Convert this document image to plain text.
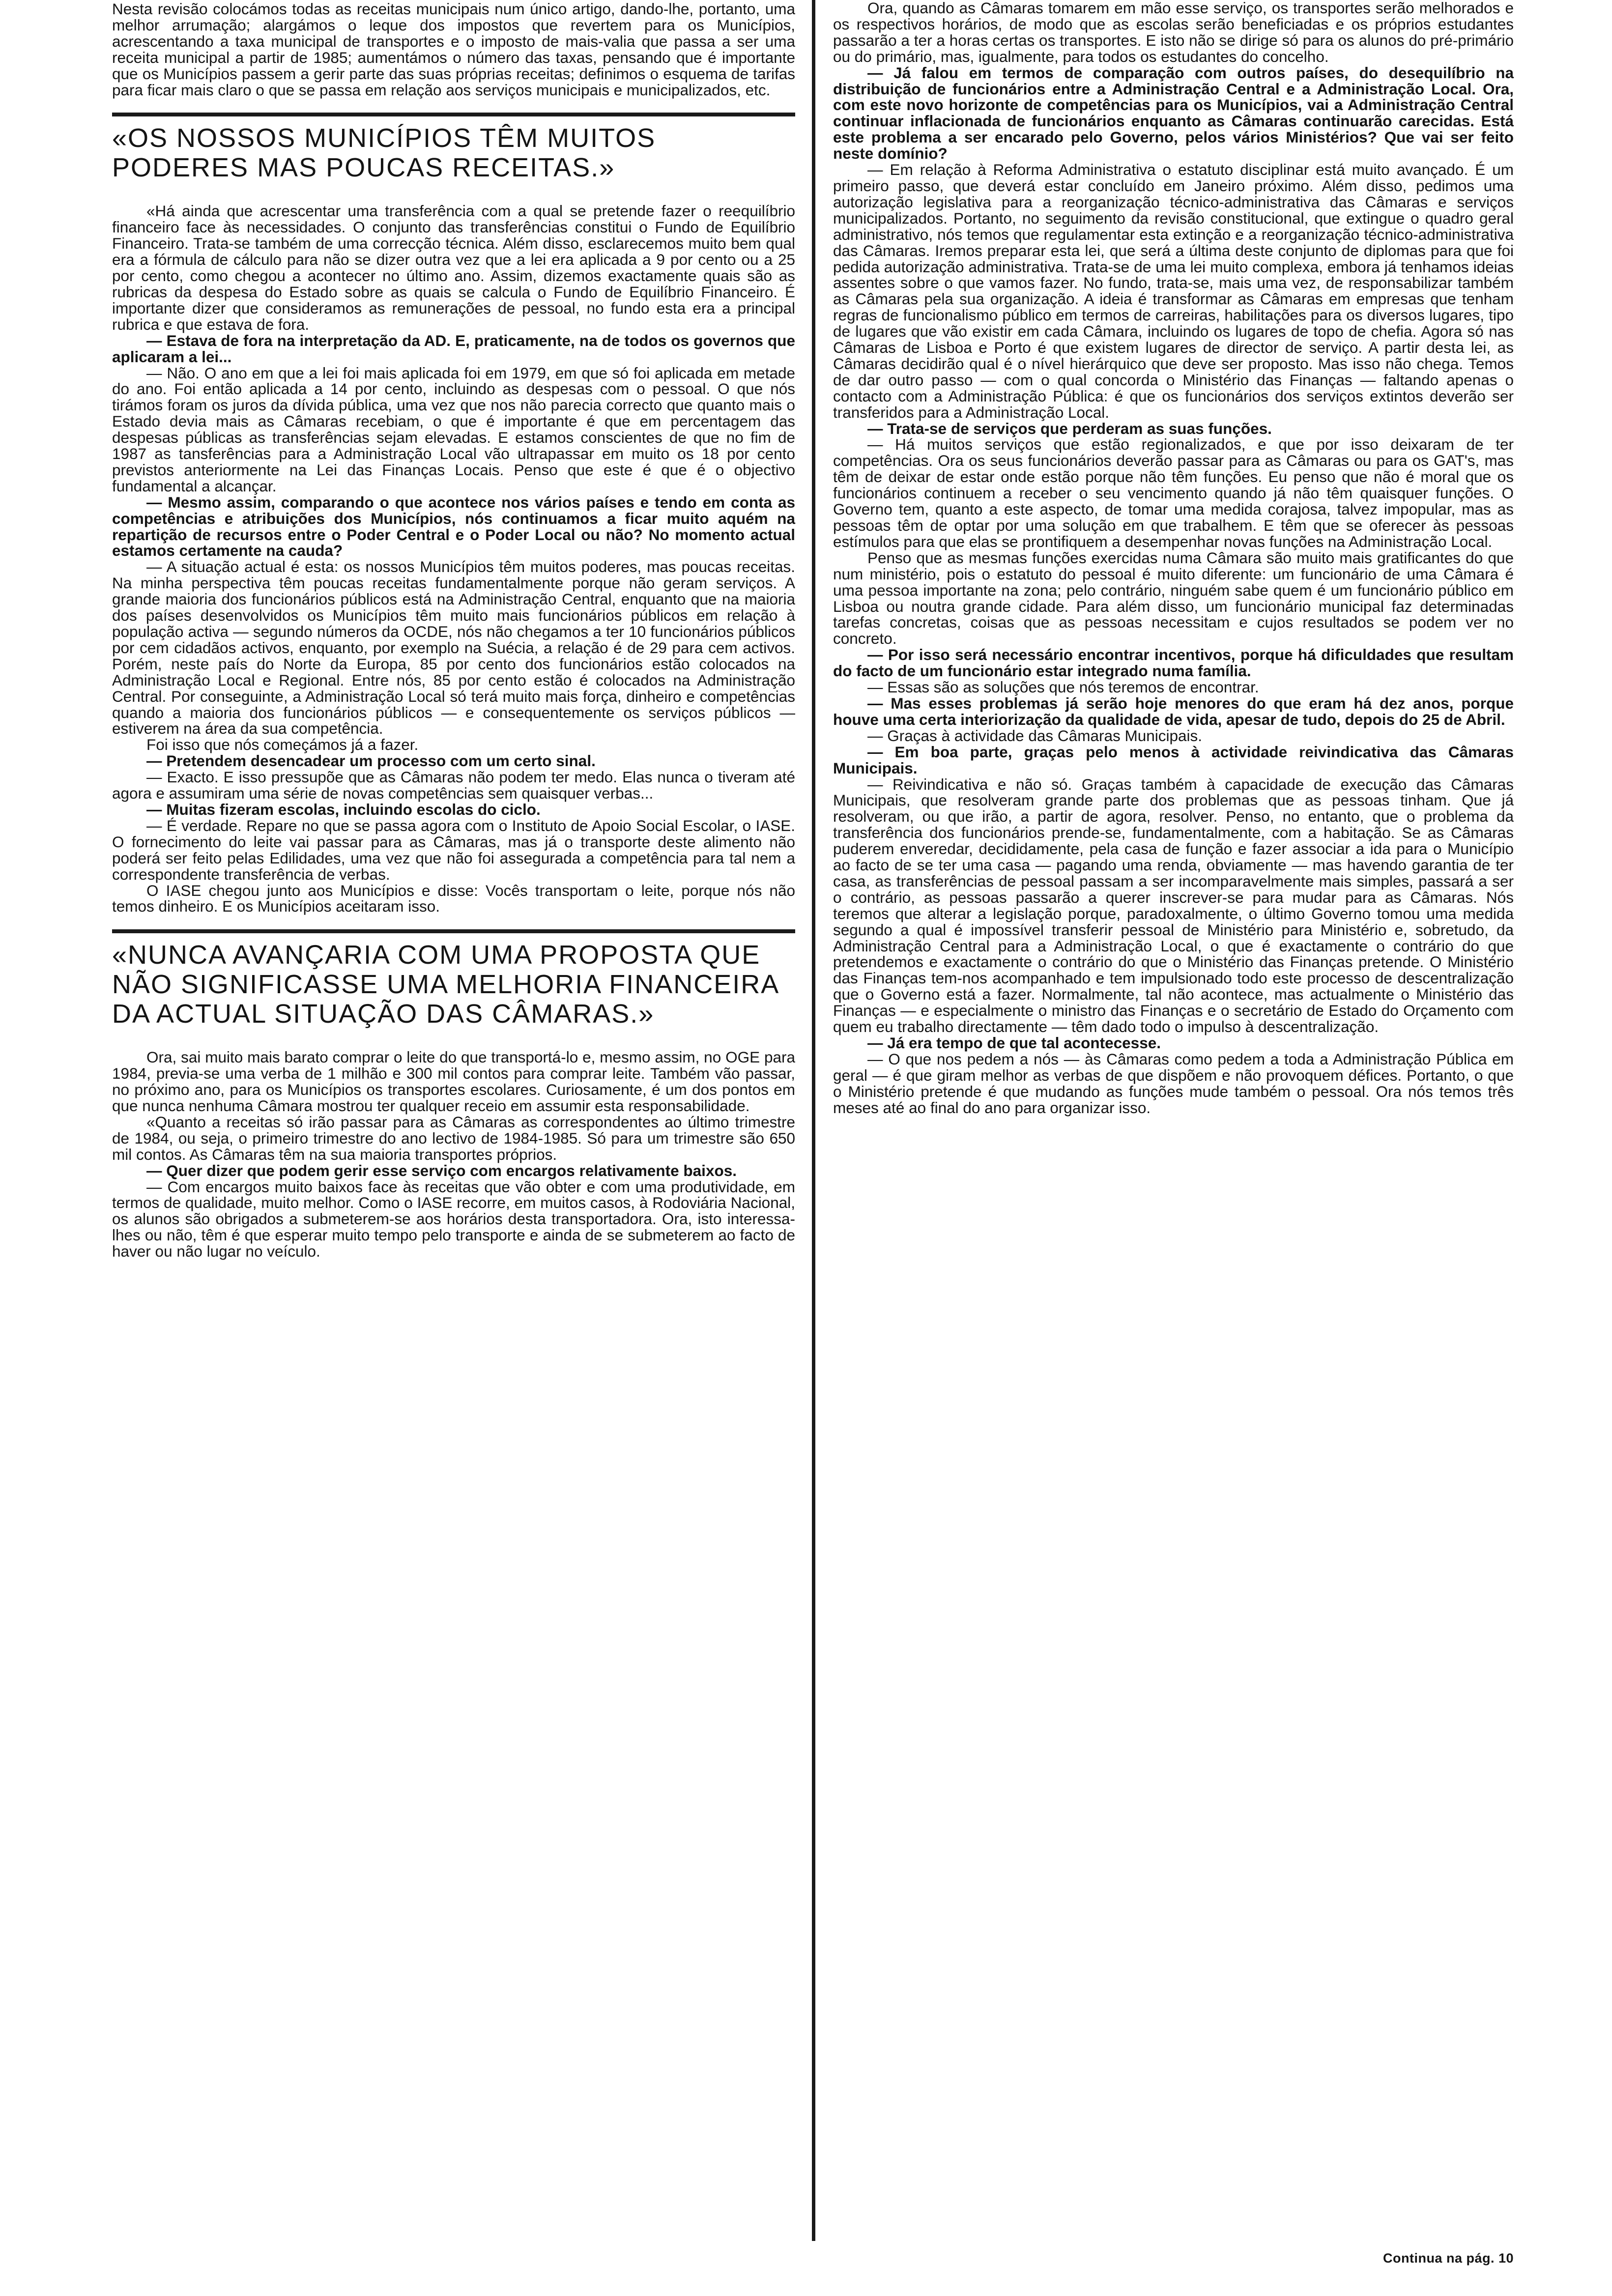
Nesta revisão colocámos todas as receitas municipais num único artigo, dando-lhe, portanto, uma melhor arrumação; alargámos o leque dos impostos que revertem para os Municípios, acrescentando a taxa municipal de transportes e o imposto de mais-valia que passa a ser uma receita municipal a partir de 1985; aumentámos o número das taxas, pensando que é importante que os Municípios passem a gerir parte das suas próprias receitas; definimos o esquema de tarifas para ficar mais claro o que se passa em relação aos serviços municipais e municipalizados, etc.

«OS NOSSOS MUNICÍPIOS TÊM MUITOS PODERES MAS POUCAS RECEITAS.»

«Há ainda que acrescentar uma transferência com a qual se pretende fazer o reequilíbrio financeiro face às necessidades. O conjunto das transferências constitui o Fundo de Equilíbrio Financeiro. Trata-se também de uma correcção técnica. Além disso, esclarecemos muito bem qual era a fórmula de cálculo para não se dizer outra vez que a lei era aplicada a 9 por cento ou a 25 por cento, como chegou a acontecer no último ano. Assim, dizemos exactamente quais são as rubricas da despesa do Estado sobre as quais se calcula o Fundo de Equilíbrio Financeiro. É importante dizer que consideramos as remunerações de pessoal, no fundo esta era a principal rubrica e que estava de fora.

— Estava de fora na interpretação da AD. E, praticamente, na de todos os governos que aplicaram a lei...

— Não. O ano em que a lei foi mais aplicada foi em 1979, em que só foi aplicada em metade do ano. Foi então aplicada a 14 por cento, incluindo as despesas com o pessoal. O que nós tirámos foram os juros da dívida pública, uma vez que nos não parecia correcto que quanto mais o Estado devia mais as Câmaras recebiam, o que é importante é que em percentagem das despesas públicas as transferências sejam elevadas. E estamos conscientes de que no fim de 1987 as tansferências para a Administração Local vão ultrapassar em muito os 18 por cento previstos anteriormente na Lei das Finanças Locais. Penso que este é que é o objectivo fundamental a alcançar.

— Mesmo assim, comparando o que acontece nos vários países e tendo em conta as competências e atribuições dos Municípios, nós continuamos a ficar muito aquém na repartição de recursos entre o Poder Central e o Poder Local ou não? No momento actual estamos certamente na cauda?

— A situação actual é esta: os nossos Municípios têm muitos poderes, mas poucas receitas. Na minha perspectiva têm poucas receitas fundamentalmente porque não geram serviços. A grande maioria dos funcionários públicos está na Administração Central, enquanto que na maioria dos países desenvolvidos os Municípios têm muito mais funcionários públicos em relação à população activa — segundo números da OCDE, nós não chegamos a ter 10 funcionários públicos por cem cidadãos activos, enquanto, por exemplo na Suécia, a relação é de 29 para cem activos. Porém, neste país do Norte da Europa, 85 por cento dos funcionários estão colocados na Administração Local e Regional. Entre nós, 85 por cento estão é colocados na Administração Central. Por conseguinte, a Administração Local só terá muito mais força, dinheiro e competências quando a maioria dos funcionários públicos — e consequentemente os serviços públicos — estiverem na área da sua competência.

Foi isso que nós começámos já a fazer.

— Pretendem desencadear um processo com um certo sinal.

— Exacto. E isso pressupõe que as Câmaras não podem ter medo. Elas nunca o tiveram até agora e assumiram uma série de novas competências sem quaisquer verbas...

— Muitas fizeram escolas, incluindo escolas do ciclo.

— É verdade. Repare no que se passa agora com o Instituto de Apoio Social Escolar, o IASE. O fornecimento do leite vai passar para as Câmaras, mas já o transporte deste alimento não poderá ser feito pelas Edilidades, uma vez que não foi assegurada a competência para tal nem a correspondente transferência de verbas.

O IASE chegou junto aos Municípios e disse: Vocês transportam o leite, porque nós não temos dinheiro. E os Municípios aceitaram isso.

«NUNCA AVANÇARIA COM UMA PROPOSTA QUE NÃO SIGNIFICASSE UMA MELHORIA FINANCEIRA DA ACTUAL SITUAÇÃO DAS CÂMARAS.»

Ora, sai muito mais barato comprar o leite do que transportá-lo e, mesmo assim, no OGE para 1984, previa-se uma verba de 1 milhão e 300 mil contos para comprar leite. Também vão passar, no próximo ano, para os Municípios os transportes escolares. Curiosamente, é um dos pontos em que nunca nenhuma Câmara mostrou ter qualquer receio em assumir esta responsabilidade.

«Quanto a receitas só irão passar para as Câmaras as correspondentes ao último trimestre de 1984, ou seja, o primeiro trimestre do ano lectivo de 1984-1985. Só para um trimestre são 650 mil contos. As Câmaras têm na sua maioria transportes próprios.

— Quer dizer que podem gerir esse serviço com encargos relativamente baixos.

— Com encargos muito baixos face às receitas que vão obter e com uma produtividade, em termos de qualidade, muito melhor. Como o IASE recorre, em muitos casos, à Rodoviária Nacional, os alunos são obrigados a submeterem-se aos horários desta transportadora. Ora, isto interessa-lhes ou não, têm é que esperar muito tempo pelo transporte e ainda de se submeterem ao facto de haver ou não lugar no veículo.

Ora, quando as Câmaras tomarem em mão esse serviço, os transportes serão melhorados e os respectivos horários, de modo que as escolas serão beneficiadas e os próprios estudantes passarão a ter a horas certas os transportes. E isto não se dirige só para os alunos do pré-primário ou do primário, mas, igualmente, para todos os estudantes do concelho.

— Já falou em termos de comparação com outros países, do desequilíbrio na distribuição de funcionários entre a Administração Central e a Administração Local. Ora, com este novo horizonte de competências para os Municípios, vai a Administração Central continuar inflacionada de funcionários enquanto as Câmaras continuarão carecidas. Está este problema a ser encarado pelo Governo, pelos vários Ministérios? Que vai ser feito neste domínio?

— Em relação à Reforma Administrativa o estatuto disciplinar está muito avançado. É um primeiro passo, que deverá estar concluído em Janeiro próximo. Além disso, pedimos uma autorização legislativa para a reorganização técnico-administrativa das Câmaras e serviços municipalizados. Portanto, no seguimento da revisão constitucional, que extingue o quadro geral administrativo, nós temos que regulamentar esta extinção e a reorganização técnico-administrativa das Câmaras. Iremos preparar esta lei, que será a última deste conjunto de diplomas para que foi pedida autorização administrativa. Trata-se de uma lei muito complexa, embora já tenhamos ideias assentes sobre o que vamos fazer. No fundo, trata-se, mais uma vez, de responsabilizar também as Câmaras pela sua organização. A ideia é transformar as Câmaras em empresas que tenham regras de funcionalismo público em termos de carreiras, habilitações para os diversos lugares, tipo de lugares que vão existir em cada Câmara, incluindo os lugares de topo de chefia. Agora só nas Câmaras de Lisboa e Porto é que existem lugares de director de serviço. A partir desta lei, as Câmaras decidirão qual é o nível hierárquico que deve ser proposto. Mas isso não chega. Temos de dar outro passo — com o qual concorda o Ministério das Finanças — faltando apenas o contacto com a Administração Pública: é que os funcionários dos serviços extintos deverão ser transferidos para a Administração Local.

— Trata-se de serviços que perderam as suas funções.

— Há muitos serviços que estão regionalizados, e que por isso deixaram de ter competências. Ora os seus funcionários deverão passar para as Câmaras ou para os GAT's, mas têm de deixar de estar onde estão porque não têm funções. Eu penso que não é moral que os funcionários continuem a receber o seu vencimento quando já não têm quaisquer funções. O Governo tem, quanto a este aspecto, de tomar uma medida corajosa, talvez impopular, mas as pessoas têm de optar por uma solução em que trabalhem. E têm que se oferecer às pessoas estímulos para que elas se prontifiquem a desempenhar novas funções na Administração Local.

Penso que as mesmas funções exercidas numa Câmara são muito mais gratificantes do que num ministério, pois o estatuto do pessoal é muito diferente: um funcionário de uma Câmara é uma pessoa importante na zona; pelo contrário, ninguém sabe quem é um funcionário público em Lisboa ou noutra grande cidade. Para além disso, um funcionário municipal faz determinadas tarefas concretas, coisas que as pessoas necessitam e cujos resultados se podem ver no concreto.

— Por isso será necessário encontrar incentivos, porque há dificuldades que resultam do facto de um funcionário estar integrado numa família.

— Essas são as soluções que nós teremos de encontrar.

— Mas esses problemas já serão hoje menores do que eram há dez anos, porque houve uma certa interiorização da qualidade de vida, apesar de tudo, depois do 25 de Abril.

— Graças à actividade das Câmaras Municipais.

— Em boa parte, graças pelo menos à actividade reivindicativa das Câmaras Municipais.

— Reivindicativa e não só. Graças também à capacidade de execução das Câmaras Municipais, que resolveram grande parte dos problemas que as pessoas tinham. Que já resolveram, ou que irão, a partir de agora, resolver. Penso, no entanto, que o problema da transferência dos funcionários prende-se, fundamentalmente, com a habitação. Se as Câmaras puderem enveredar, decididamente, pela casa de função e fazer associar a ida para o Município ao facto de se ter uma casa — pagando uma renda, obviamente — mas havendo garantia de ter casa, as transferências de pessoal passam a ser incomparavelmente mais simples, passará a ser o contrário, as pessoas passarão a querer inscrever-se para mudar para as Câmaras. Nós teremos que alterar a legislação porque, paradoxalmente, o último Governo tomou uma medida segundo a qual é impossível transferir pessoal de Ministério para Ministério e, sobretudo, da Administração Central para a Administração Local, o que é exactamente o contrário do que pretendemos e exactamente o contrário do que o Ministério das Finanças pretende. O Ministério das Finanças tem-nos acompanhado e tem impulsionado todo este processo de descentralização que o Governo está a fazer. Normalmente, tal não acontece, mas actualmente o Ministério das Finanças — e especialmente o ministro das Finanças e o secretário de Estado do Orçamento com quem eu trabalho directamente — têm dado todo o impulso à descentralização.

— Já era tempo de que tal acontecesse.

— O que nos pedem a nós — às Câmaras como pedem a toda a Administração Pública em geral — é que giram melhor as verbas de que dispõem e não provoquem défices. Portanto, o que o Ministério pretende é que mudando as funções mude também o pessoal. Ora nós temos três meses até ao final do ano para organizar isso.

Continua na pág. 10
